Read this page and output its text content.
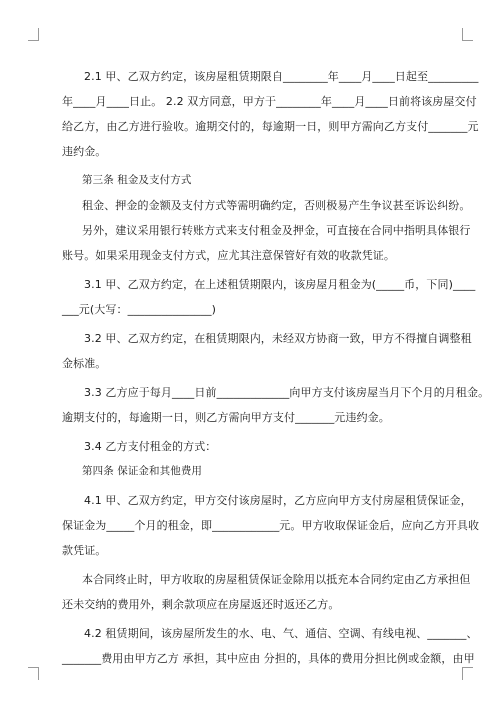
2.1 甲、乙双方约定，该房屋租赁期限自________年____月____日起至_________

年____月____日止。 2.2 双方同意，甲方于________年____月____日前将该房屋交付

给乙方，由乙方进行验收。逾期交付的，每逾期一日，则甲方需向乙方支付_______元

违约金。

第三条 租金及支付方式

租金、押金的金额及支付方式等需明确约定，否则极易产生争议甚至诉讼纠纷。

另外，建议采用银行转账方式来支付租金及押金，可直接在合同中指明具体银行

账号。如果采用现金支付方式，应尤其注意保管好有效的收款凭证。

3.1 甲、乙双方约定，在上述租赁期限内，该房屋月租金为(_____币，下同)____

___元(大写：_______________)

3.2 甲、乙双方约定，在租赁期限内，未经双方协商一致，甲方不得擅自调整租

金标准。

3.3 乙方应于每月____日前_____________向甲方支付该房屋当月下个月的月租金。

逾期支付的，每逾期一日，则乙方需向甲方支付_______元违约金。

3.4 乙方支付租金的方式：

第四条 保证金和其他费用

4.1 甲、乙双方约定，甲方交付该房屋时，乙方应向甲方支付房屋租赁保证金，

保证金为_____个月的租金，即____________元。甲方收取保证金后，应向乙方开具收

款凭证。

本合同终止时，甲方收取的房屋租赁保证金除用以抵充本合同约定由乙方承担但

还未交纳的费用外，剩余款项应在房屋返还时返还乙方。

4.2 租赁期间，该房屋所发生的水、电、气、通信、空调、有线电视、_______、

_______费用由甲方乙方 承担，其中应由 分担的，具体的费用分担比例或金额，由甲
